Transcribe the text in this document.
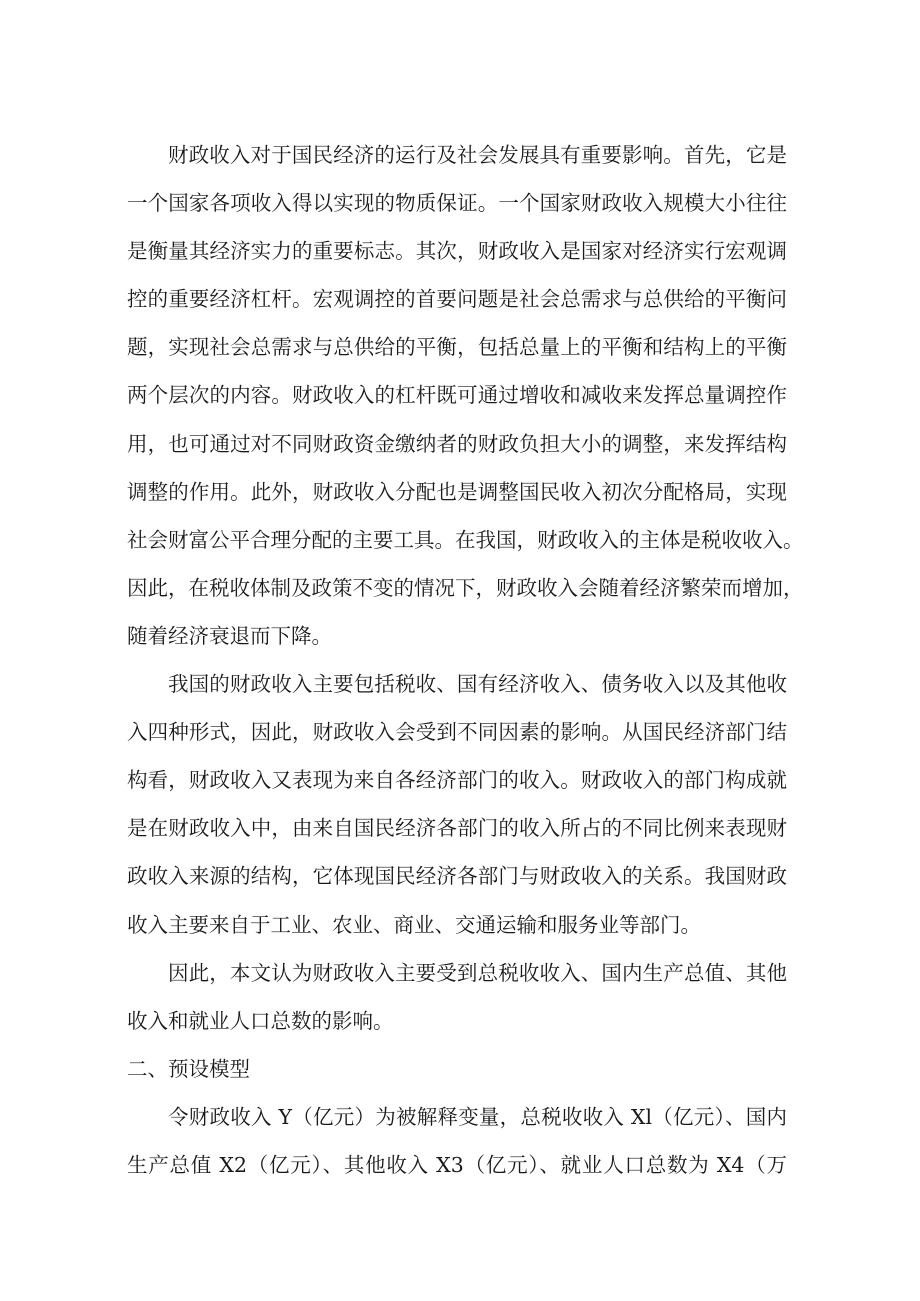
财政收入对于国民经济的运行及社会发展具有重要影响。首先，它是
一个国家各项收入得以实现的物质保证。一个国家财政收入规模大小往往
是衡量其经济实力的重要标志。其次，财政收入是国家对经济实行宏观调
控的重要经济杠杆。宏观调控的首要问题是社会总需求与总供给的平衡问
题，实现社会总需求与总供给的平衡，包括总量上的平衡和结构上的平衡
两个层次的内容。财政收入的杠杆既可通过增收和减收来发挥总量调控作
用，也可通过对不同财政资金缴纳者的财政负担大小的调整，来发挥结构
调整的作用。此外，财政收入分配也是调整国民收入初次分配格局，实现
社会财富公平合理分配的主要工具。在我国，财政收入的主体是税收收入。
因此，在税收体制及政策不变的情况下，财政收入会随着经济繁荣而增加，
随着经济衰退而下降。
我国的财政收入主要包括税收、国有经济收入、债务收入以及其他收
入四种形式，因此，财政收入会受到不同因素的影响。从国民经济部门结
构看，财政收入又表现为来自各经济部门的收入。财政收入的部门构成就
是在财政收入中，由来自国民经济各部门的收入所占的不同比例来表现财
政收入来源的结构，它体现国民经济各部门与财政收入的关系。我国财政
收入主要来自于工业、农业、商业、交通运输和服务业等部门。
因此，本文认为财政收入主要受到总税收收入、国内生产总值、其他
收入和就业人口总数的影响。
二、预设模型
令财政收入 Y（亿元）为被解释变量，总税收收入 Xl（亿元）、国内
生产总值 X2（亿元）、其他收入 X3（亿元）、就业人口总数为 X4（万
